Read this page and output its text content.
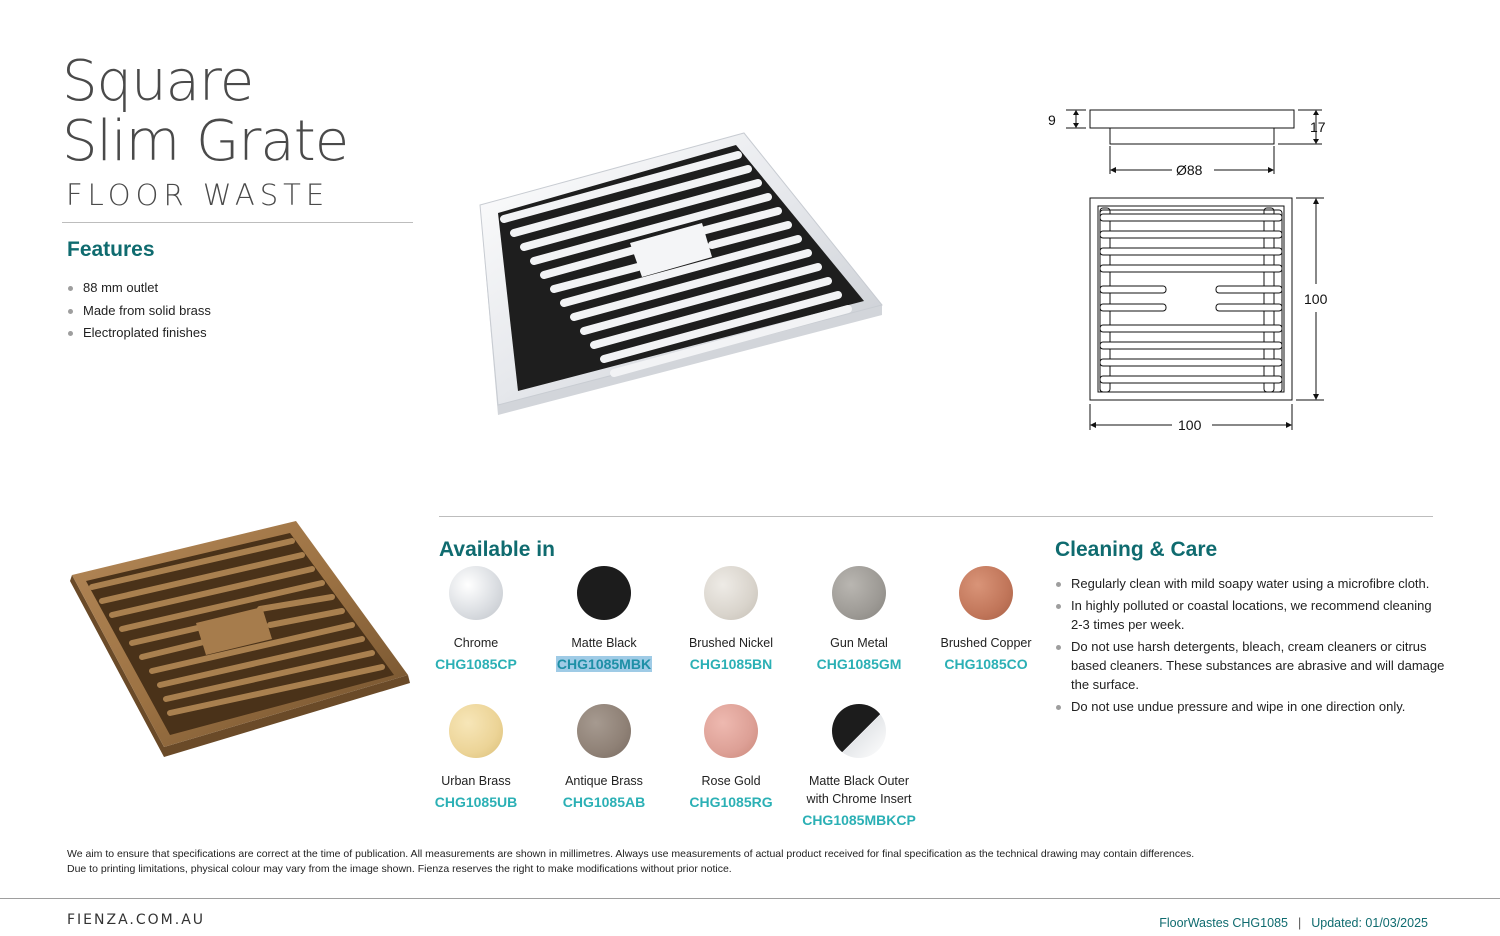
Square
Slim Grate
FLOOR WASTE
Features
88 mm outlet
Made from solid brass
Electroplated finishes
9	17
Ø88
100
100
Available in
Chrome
CHG1085CP
Matte Black
CHG1085MBK
Brushed Nickel
CHG1085BN
Gun Metal
CHG1085GM
Brushed Copper
CHG1085CO
Urban Brass
CHG1085UB
Antique Brass
CHG1085AB
Rose Gold
CHG1085RG
Matte Black Outer
with Chrome Insert
CHG1085MBKCP
Cleaning & Care
Regularly clean with mild soapy water using a microfibre cloth.
In highly polluted or coastal locations, we recommend cleaning 2-3 times per week.
Do not use harsh detergents, bleach, cream cleaners or citrus based cleaners. These substances are abrasive and will damage the surface.
Do not use undue pressure and wipe in one direction only.
We aim to ensure that specifications are correct at the time of publication. All measurements are shown in millimetres. Always use measurements of actual product received for final specification as the technical drawing may contain differences.
Due to printing limitations, physical colour may vary from the image shown. Fienza reserves the right to make modifications without prior notice.
FIENZA.COM.AU	FloorWastes CHG1085 | Updated: 01/03/2025
